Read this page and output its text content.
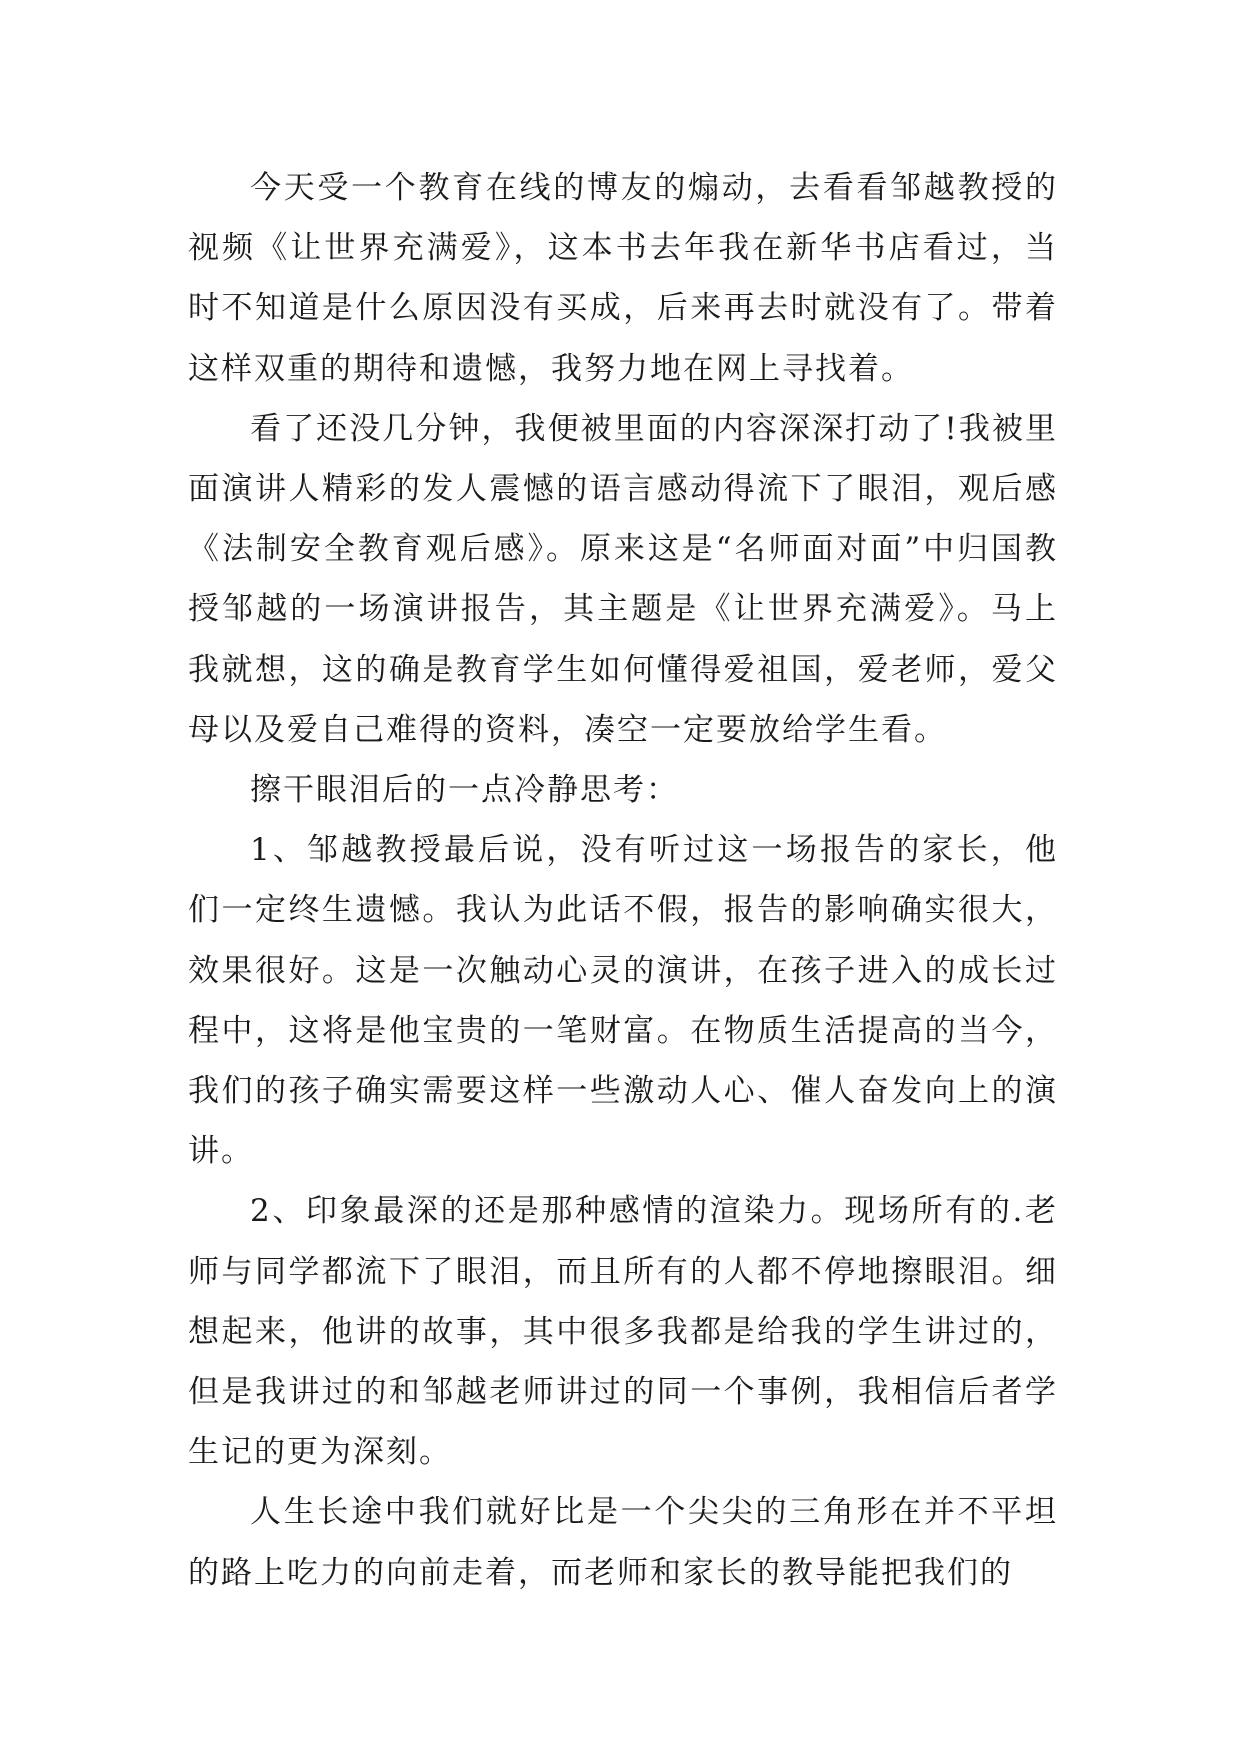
今天受一个教育在线的博友的煽动，去看看邹越教授的视频《让世界充满爱》，这本书去年我在新华书店看过，当时不知道是什么原因没有买成，后来再去时就没有了。带着这样双重的期待和遗憾，我努力地在网上寻找着。

看了还没几分钟，我便被里面的内容深深打动了!我被里面演讲人精彩的发人震憾的语言感动得流下了眼泪，观后感《法制安全教育观后感》。原来这是“名师面对面”中归国教授邹越的一场演讲报告，其主题是《让世界充满爱》。马上我就想，这的确是教育学生如何懂得爱祖国，爱老师，爱父母以及爱自己难得的资料，凑空一定要放给学生看。

擦干眼泪后的一点冷静思考：

1、邹越教授最后说，没有听过这一场报告的家长，他们一定终生遗憾。我认为此话不假，报告的影响确实很大，效果很好。这是一次触动心灵的演讲，在孩子进入的成长过程中，这将是他宝贵的一笔财富。在物质生活提高的当今，我们的孩子确实需要这样一些激动人心、催人奋发向上的演讲。

2、印象最深的还是那种感情的渲染力。现场所有的.老师与同学都流下了眼泪，而且所有的人都不停地擦眼泪。细想起来，他讲的故事，其中很多我都是给我的学生讲过的，但是我讲过的和邹越老师讲过的同一个事例，我相信后者学生记的更为深刻。

人生长途中我们就好比是一个尖尖的三角形在并不平坦的路上吃力的向前走着，而老师和家长的教导能把我们的
